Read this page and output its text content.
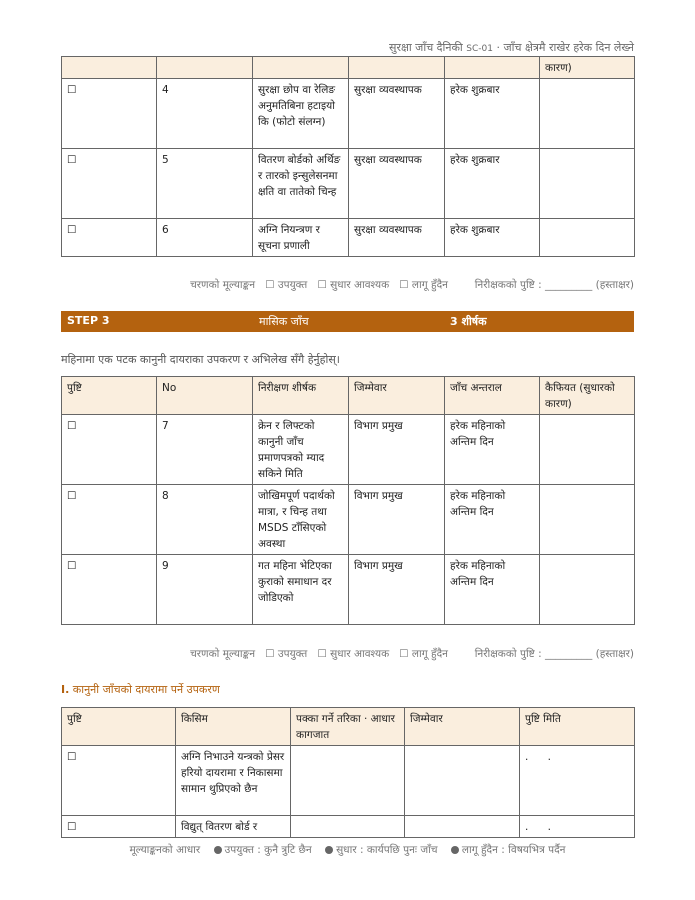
सुरक्षा जाँच दैनिकी SC-01 · जाँच क्षेत्रमै राखेर हरेक दिन लेख्ने
					कारण)
☐	4	सुरक्षा छोप वा रेलिङ अनुमतिबिना हटाइयो कि (फोटो संलग्न)	सुरक्षा व्यवस्थापक	हरेक शुक्रबार	
☐	5	वितरण बोर्डको अर्थिङ र तारको इन्सुलेसनमा क्षति वा तातेको चिन्ह	सुरक्षा व्यवस्थापक	हरेक शुक्रबार	
☐	6	अग्नि नियन्त्रण र सूचना प्रणाली	सुरक्षा व्यवस्थापक	हरेक शुक्रबार	
चरणको मूल्याङ्कन ☐ उपयुक्त ☐ सुधार आवश्यक ☐ लागू हुँदैन	निरीक्षकको पुष्टि : _________ (हस्ताक्षर)
STEP 3	मासिक जाँच	3 शीर्षक
महिनामा एक पटक कानुनी दायराका उपकरण र अभिलेख सँगै हेर्नुहोस्।
पुष्टि	No	निरीक्षण शीर्षक	जिम्मेवार	जाँच अन्तराल	कैफियत (सुधारको कारण)
☐	7	क्रेन र लिफ्टको कानुनी जाँच प्रमाणपत्रको म्याद सकिने मिति	विभाग प्रमुख	हरेक महिनाको अन्तिम दिन	
☐	8	जोखिमपूर्ण पदार्थको मात्रा, र चिन्ह तथा MSDS टाँसिएको अवस्था	विभाग प्रमुख	हरेक महिनाको अन्तिम दिन	
☐	9	गत महिना भेटिएका कुराको समाधान दर जोडिएको	विभाग प्रमुख	हरेक महिनाको अन्तिम दिन	
चरणको मूल्याङ्कन ☐ उपयुक्त ☐ सुधार आवश्यक ☐ लागू हुँदैन	निरीक्षकको पुष्टि : _________ (हस्ताक्षर)
I. कानुनी जाँचको दायरामा पर्ने उपकरण
पुष्टि	किसिम	पक्का गर्ने तरिका · आधार कागजात	जिम्मेवार	पुष्टि मिति
☐	अग्नि निभाउने यन्त्रको प्रेसर हरियो दायरामा र निकासमा सामान थुप्रिएको छैन			. .
☐	विद्युत् वितरण बोर्ड र			. .
मूल्याङ्कनको आधार उपयुक्त : कुनै त्रुटि छैन सुधार : कार्यपछि पुनः जाँच लागू हुँदैन : विषयभित्र पर्दैन
